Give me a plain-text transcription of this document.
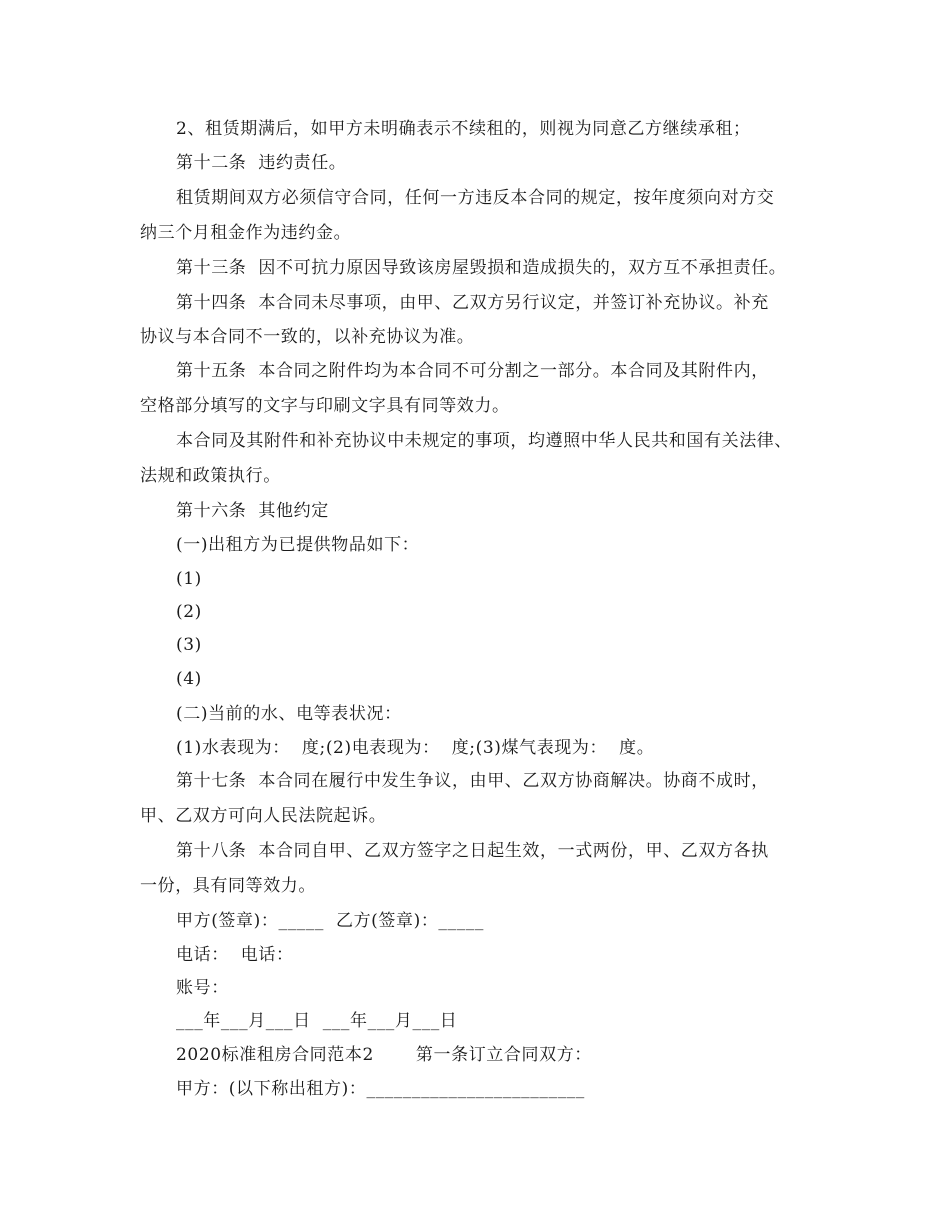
2、租赁期满后，如甲方未明确表示不续租的，则视为同意乙方继续承租；
第十二条  违约责任。
租赁期间双方必须信守合同，任何一方违反本合同的规定，按年度须向对方交
纳三个月租金作为违约金。
第十三条  因不可抗力原因导致该房屋毁损和造成损失的，双方互不承担责任。
第十四条  本合同未尽事项，由甲、乙双方另行议定，并签订补充协议。补充
协议与本合同不一致的，以补充协议为准。
第十五条  本合同之附件均为本合同不可分割之一部分。本合同及其附件内，
空格部分填写的文字与印刷文字具有同等效力。
本合同及其附件和补充协议中未规定的事项，均遵照中华人民共和国有关法律、
法规和政策执行。
第十六条  其他约定
(一)出租方为已提供物品如下：
(1)
(2)
(3)
(4)
(二)当前的水、电等表状况：
(1)水表现为：  度;(2)电表现为：  度;(3)煤气表现为：  度。
第十七条  本合同在履行中发生争议，由甲、乙双方协商解决。协商不成时，
甲、乙双方可向人民法院起诉。
第十八条  本合同自甲、乙双方签字之日起生效，一式两份，甲、乙双方各执
一份，具有同等效力。
甲方(签章)：_____  乙方(签章)：_____
电话：  电话：
账号：
___年___月___日  ___年___月___日
2020标准租房合同范本2       第一条订立合同双方：
甲方：(以下称出租方)：________________________
